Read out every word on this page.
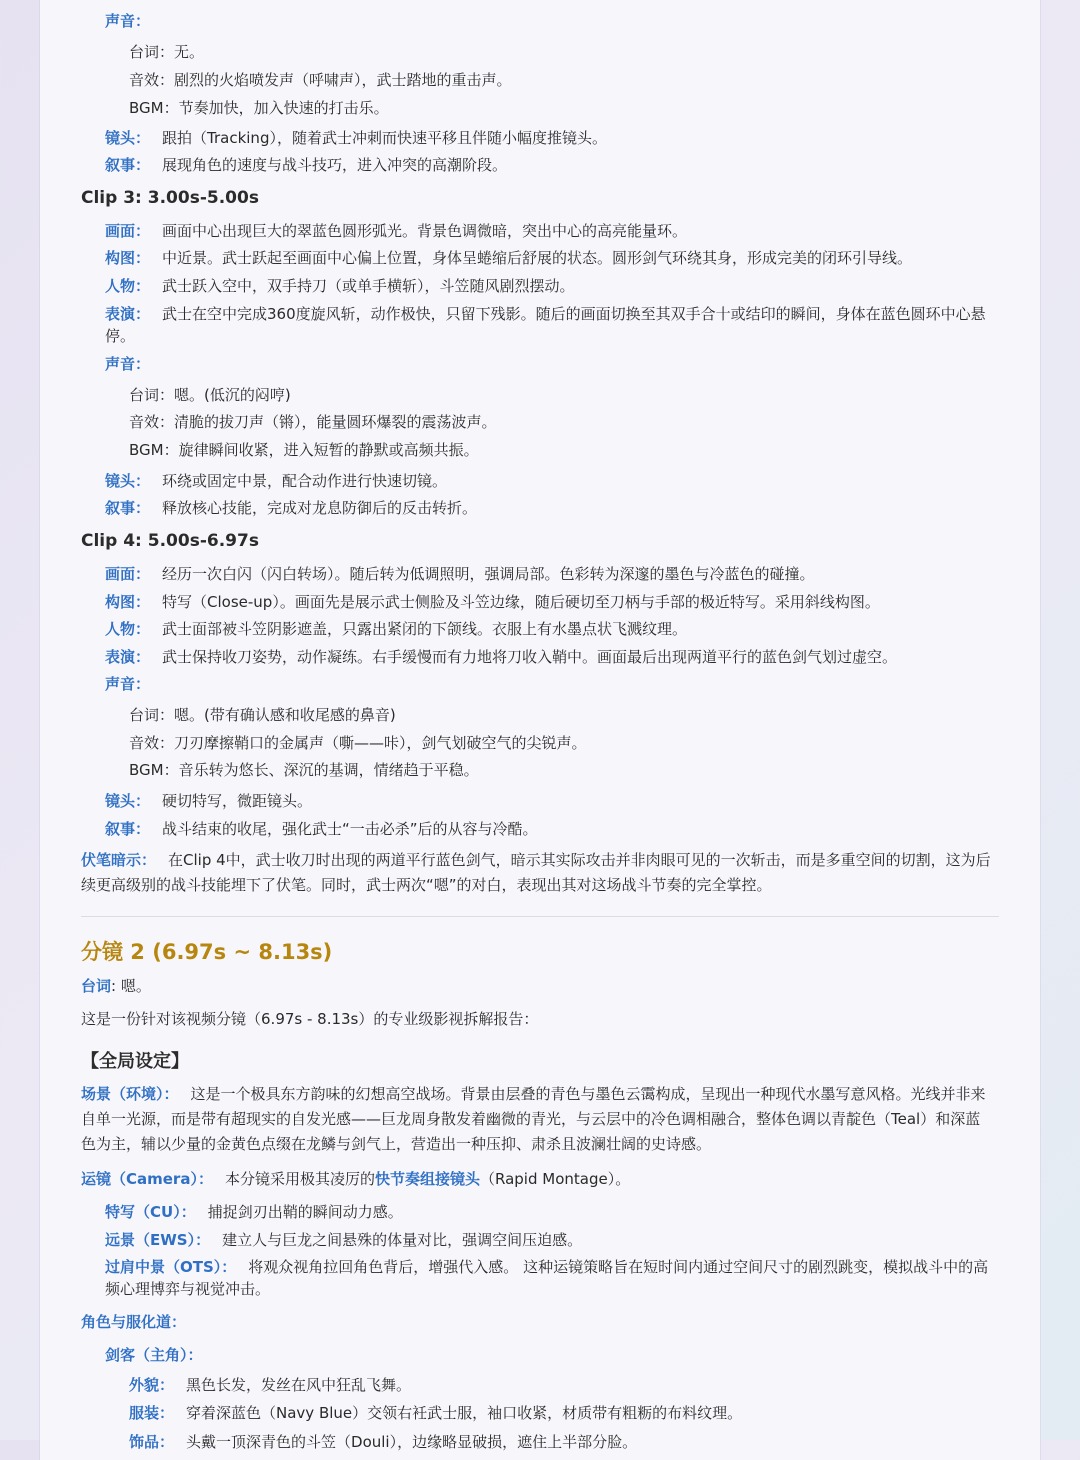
声音：
台词：无。
音效：剧烈的火焰喷发声（呼啸声），武士踏地的重击声。
BGM：节奏加快，加入快速的打击乐。
镜头： 跟拍（Tracking），随着武士冲刺而快速平移且伴随小幅度推镜头。
叙事： 展现角色的速度与战斗技巧，进入冲突的高潮阶段。
Clip 3: 3.00s-5.00s
画面： 画面中心出现巨大的翠蓝色圆形弧光。背景色调微暗，突出中心的高亮能量环。
构图： 中近景。武士跃起至画面中心偏上位置，身体呈蜷缩后舒展的状态。圆形剑气环绕其身，形成完美的闭环引导线。
人物： 武士跃入空中，双手持刀（或单手横斩），斗笠随风剧烈摆动。
表演： 武士在空中完成360度旋风斩，动作极快，只留下残影。随后的画面切换至其双手合十或结印的瞬间，身体在蓝色圆环中心悬停。
声音：
台词：嗯。(低沉的闷哼)
音效：清脆的拔刀声（锵），能量圆环爆裂的震荡波声。
BGM：旋律瞬间收紧，进入短暂的静默或高频共振。
镜头： 环绕或固定中景，配合动作进行快速切镜。
叙事： 释放核心技能，完成对龙息防御后的反击转折。
Clip 4: 5.00s-6.97s
画面： 经历一次白闪（闪白转场）。随后转为低调照明，强调局部。色彩转为深邃的墨色与冷蓝色的碰撞。
构图： 特写（Close-up）。画面先是展示武士侧脸及斗笠边缘，随后硬切至刀柄与手部的极近特写。采用斜线构图。
人物： 武士面部被斗笠阴影遮盖，只露出紧闭的下颌线。衣服上有水墨点状飞溅纹理。
表演： 武士保持收刀姿势，动作凝练。右手缓慢而有力地将刀收入鞘中。画面最后出现两道平行的蓝色剑气划过虚空。
声音：
台词：嗯。(带有确认感和收尾感的鼻音)
音效：刀刃摩擦鞘口的金属声（嘶——咔），剑气划破空气的尖锐声。
BGM：音乐转为悠长、深沉的基调，情绪趋于平稳。
镜头： 硬切特写，微距镜头。
叙事： 战斗结束的收尾，强化武士“一击必杀”后的从容与冷酷。
伏笔暗示： 在Clip 4中，武士收刀时出现的两道平行蓝色剑气，暗示其实际攻击并非肉眼可见的一次斩击，而是多重空间的切割，这为后续更高级别的战斗技能埋下了伏笔。同时，武士两次“嗯”的对白，表现出其对这场战斗节奏的完全掌控。
分镜 2 (6.97s ~ 8.13s)
台词: 嗯。
这是一份针对该视频分镜（6.97s - 8.13s）的专业级影视拆解报告：
【全局设定】
场景（环境）： 这是一个极具东方韵味的幻想高空战场。背景由层叠的青色与墨色云霭构成，呈现出一种现代水墨写意风格。光线并非来自单一光源，而是带有超现实的自发光感——巨龙周身散发着幽微的青光，与云层中的冷色调相融合，整体色调以青靛色（Teal）和深蓝色为主，辅以少量的金黄色点缀在龙鳞与剑气上，营造出一种压抑、肃杀且波澜壮阔的史诗感。
运镜（Camera）： 本分镜采用极其凌厉的快节奏组接镜头（Rapid Montage）。
特写（CU）： 捕捉剑刃出鞘的瞬间动力感。
远景（EWS）： 建立人与巨龙之间悬殊的体量对比，强调空间压迫感。
过肩中景（OTS）： 将观众视角拉回角色背后，增强代入感。 这种运镜策略旨在短时间内通过空间尺寸的剧烈跳变，模拟战斗中的高频心理博弈与视觉冲击。
角色与服化道：
剑客（主角）：
外貌： 黑色长发，发丝在风中狂乱飞舞。
服装： 穿着深蓝色（Navy Blue）交领右衽武士服，袖口收紧，材质带有粗粝的布料纹理。
饰品： 头戴一顶深青色的斗笠（Douli），边缘略显破损，遮住上半部分脸。
